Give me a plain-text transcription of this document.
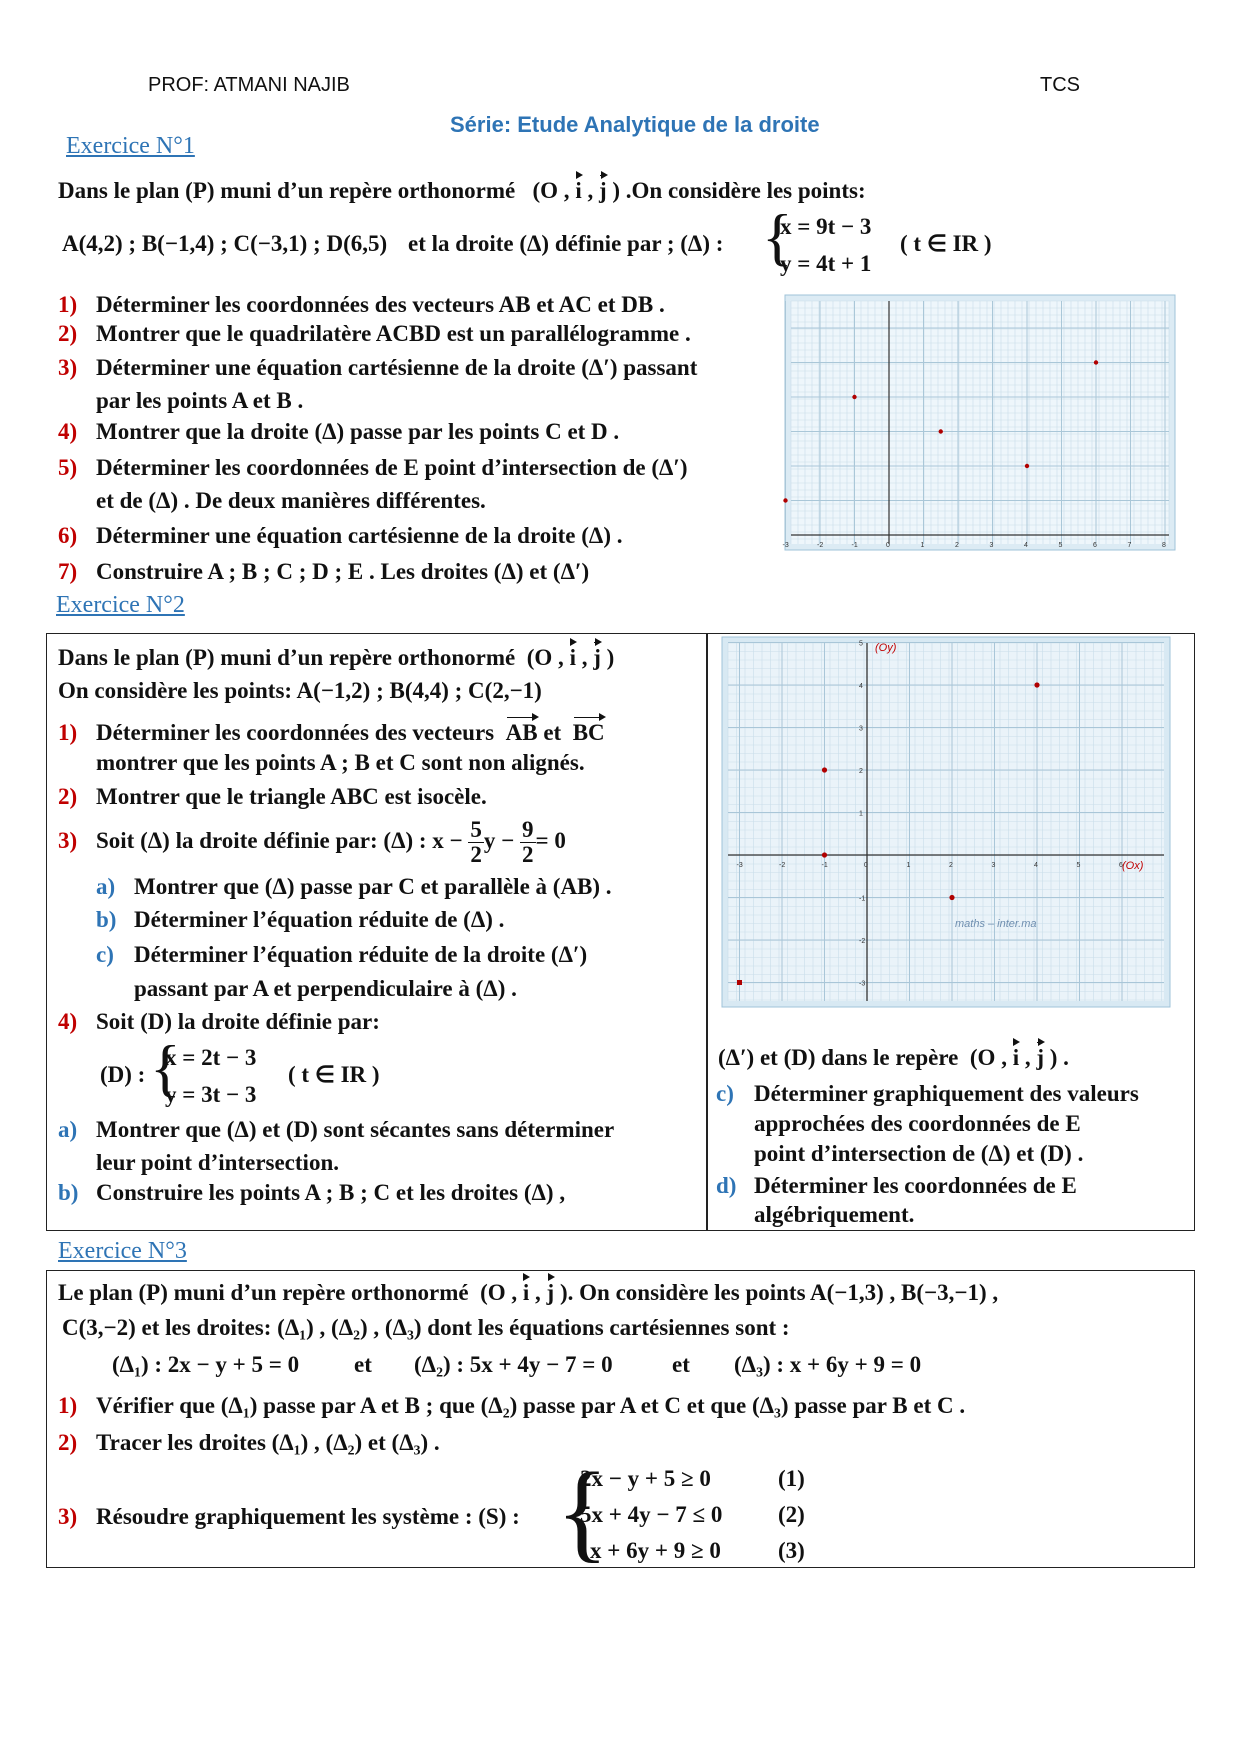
PROF: ATMANI NAJIB	TCS
Série: Etude Analytique de la droite
Exercice N°1
Dans le plan (P) muni d’un repère orthonormé (O , i , j ) .On considère les points:
A(4,2) ; B(−1,4) ; C(−3,1) ; D(6,5) et la droite (Δ) définie par ; (Δ) : {
x = 9t − 3
y = 4t + 1
( t ∈ IR )
1) Déterminer les coordonnées des vecteurs AB et AC et DB .
2) Montrer que le quadrilatère ACBD est un parallélogramme .
3) Déterminer une équation cartésienne de la droite (Δ′) passant
par les points A et B .
4) Montrer que la droite (Δ) passe par les points C et D .
5) Déterminer les coordonnées de E point d’intersection de (Δ′)
et de (Δ) . De deux manières différentes.
6) Déterminer une équation cartésienne de la droite (Δ) .
7) Construire A ; B ; C ; D ; E . Les droites (Δ) et (Δ′)
-3	-2	-1	0	1	2	3	4	5	6	7	8
Exercice N°2
Dans le plan (P) muni d’un repère orthonormé (O , i , j )
On considère les points: A(−1,2) ; B(4,4) ; C(2,−1)
1) Déterminer les coordonnées des vecteurs AB et  BC
montrer que les points A ; B et C sont non alignés.
2) Montrer que le triangle ABC est isocèle.
3) Soit (Δ) la droite définie par: (Δ) : $x - \frac{5}{2}$ $y - \frac{9}{2} = 0$
a) Montrer que (Δ) passe par C et parallèle à (AB) .
b) Déterminer l’équation réduite de (Δ) .
c) Déterminer l’équation réduite de la droite (Δ′)
passant par A et perpendiculaire à (Δ) .
4) Soit (D) la droite définie par:
(D) : {
x = 2t − 3
y = 3t − 3
( t ∈ IR )
a) Montrer que (Δ) et (D) sont sécantes sans déterminer
leur point d’intersection.
b) Construire les points A ; B ; C et les droites (Δ) ,
-3	-2	-1	0	1	2	3	4	5	6
5
4
3
2
1
-1
-2
-3
(Oy)
(Ox)
maths – inter.ma
(Δ′) et (D) dans le repère  (O , i , j ) .
c) Déterminer graphiquement des valeurs
approchées des coordonnées de E
point d’intersection de (Δ) et (D) .
d) Déterminer les coordonnées de E
algébriquement.
Exercice N°3
Le plan (P) muni d’un repère orthonormé  (O , i , j ). On considère les points A(−1,3) , B(−3,−1) ,
C(3,−2) et les droites: (Δ₁) , (Δ₂) , (Δ₃) dont les équations cartésiennes sont :
(Δ₁) : 2x − y + 5 = 0 et (Δ₂) : 5x + 4y − 7 = 0	et (Δ₃) : x + 6y + 9 = 0
1) Vérifier que (Δ₁) passe par A et B ; que (Δ₂) passe par A et C et que (Δ₃) passe par B et C .
2) Tracer les droites (Δ₁) , (Δ₂) et (Δ₃) .
3) Résoudre graphiquement les système : (S) : {
2x − y + 5 ≥ 0
5x + 4y − 7 ≤ 0
x + 6y + 9 ≥ 0
(1)
(2)
(3)
